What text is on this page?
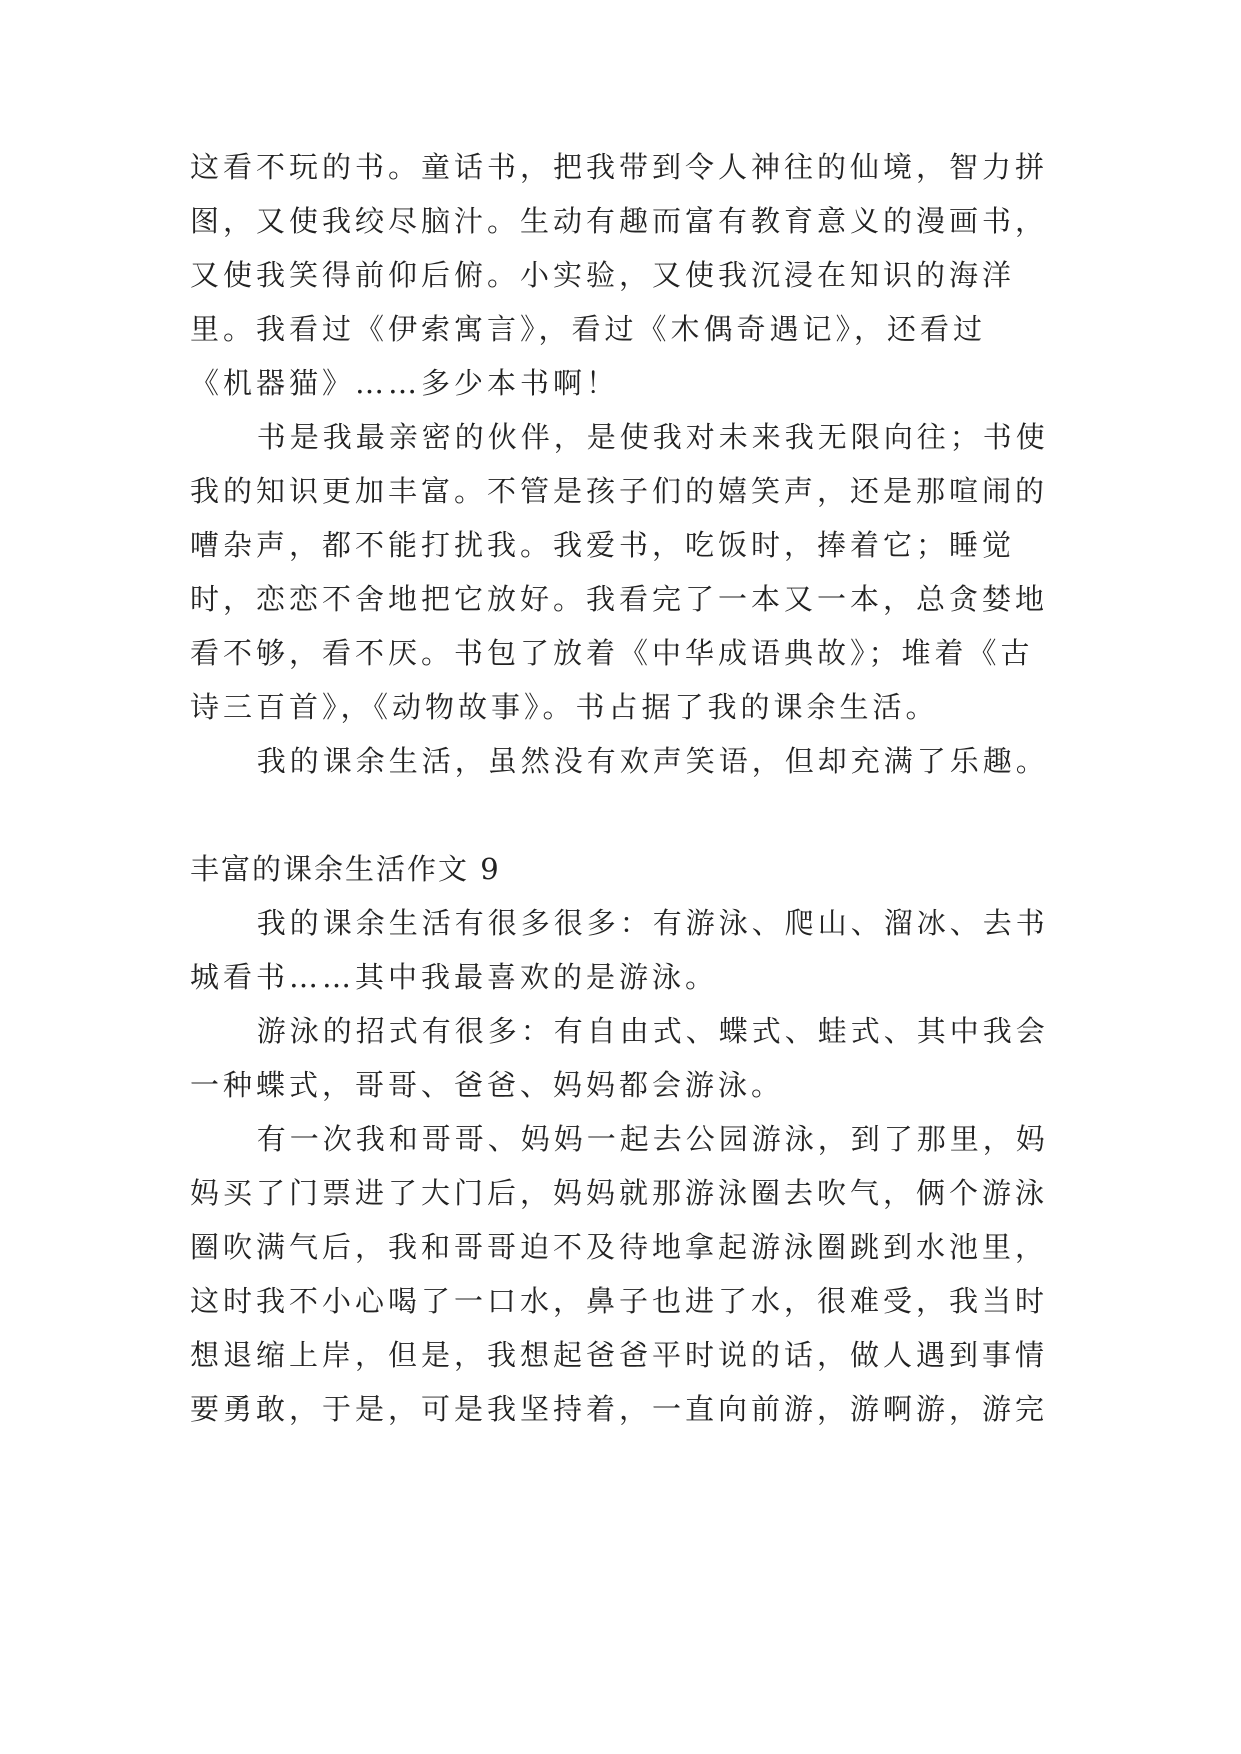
这看不玩的书。童话书，把我带到令人神往的仙境，智力拼图，又使我绞尽脑汁。生动有趣而富有教育意义的漫画书，又使我笑得前仰后俯。小实验，又使我沉浸在知识的海洋里。我看过《伊索寓言》，看过《木偶奇遇记》，还看过《机器猫》……多少本书啊！

书是我最亲密的伙伴，是使我对未来我无限向往；书使我的知识更加丰富。不管是孩子们的嬉笑声，还是那喧闹的嘈杂声，都不能打扰我。我爱书，吃饭时，捧着它；睡觉时，恋恋不舍地把它放好。我看完了一本又一本，总贪婪地看不够，看不厌。书包了放着《中华成语典故》；堆着《古诗三百首》，《动物故事》。书占据了我的课余生活。

我的课余生活，虽然没有欢声笑语，但却充满了乐趣。

丰富的课余生活作文 9

我的课余生活有很多很多：有游泳、爬山、溜冰、去书城看书……其中我最喜欢的是游泳。

游泳的招式有很多：有自由式、蝶式、蛙式、其中我会一种蝶式，哥哥、爸爸、妈妈都会游泳。

有一次我和哥哥、妈妈一起去公园游泳，到了那里，妈妈买了门票进了大门后，妈妈就那游泳圈去吹气，俩个游泳圈吹满气后，我和哥哥迫不及待地拿起游泳圈跳到水池里，这时我不小心喝了一口水，鼻子也进了水，很难受，我当时想退缩上岸，但是，我想起爸爸平时说的话，做人遇到事情要勇敢，于是，可是我坚持着，一直向前游，游啊游，游完
